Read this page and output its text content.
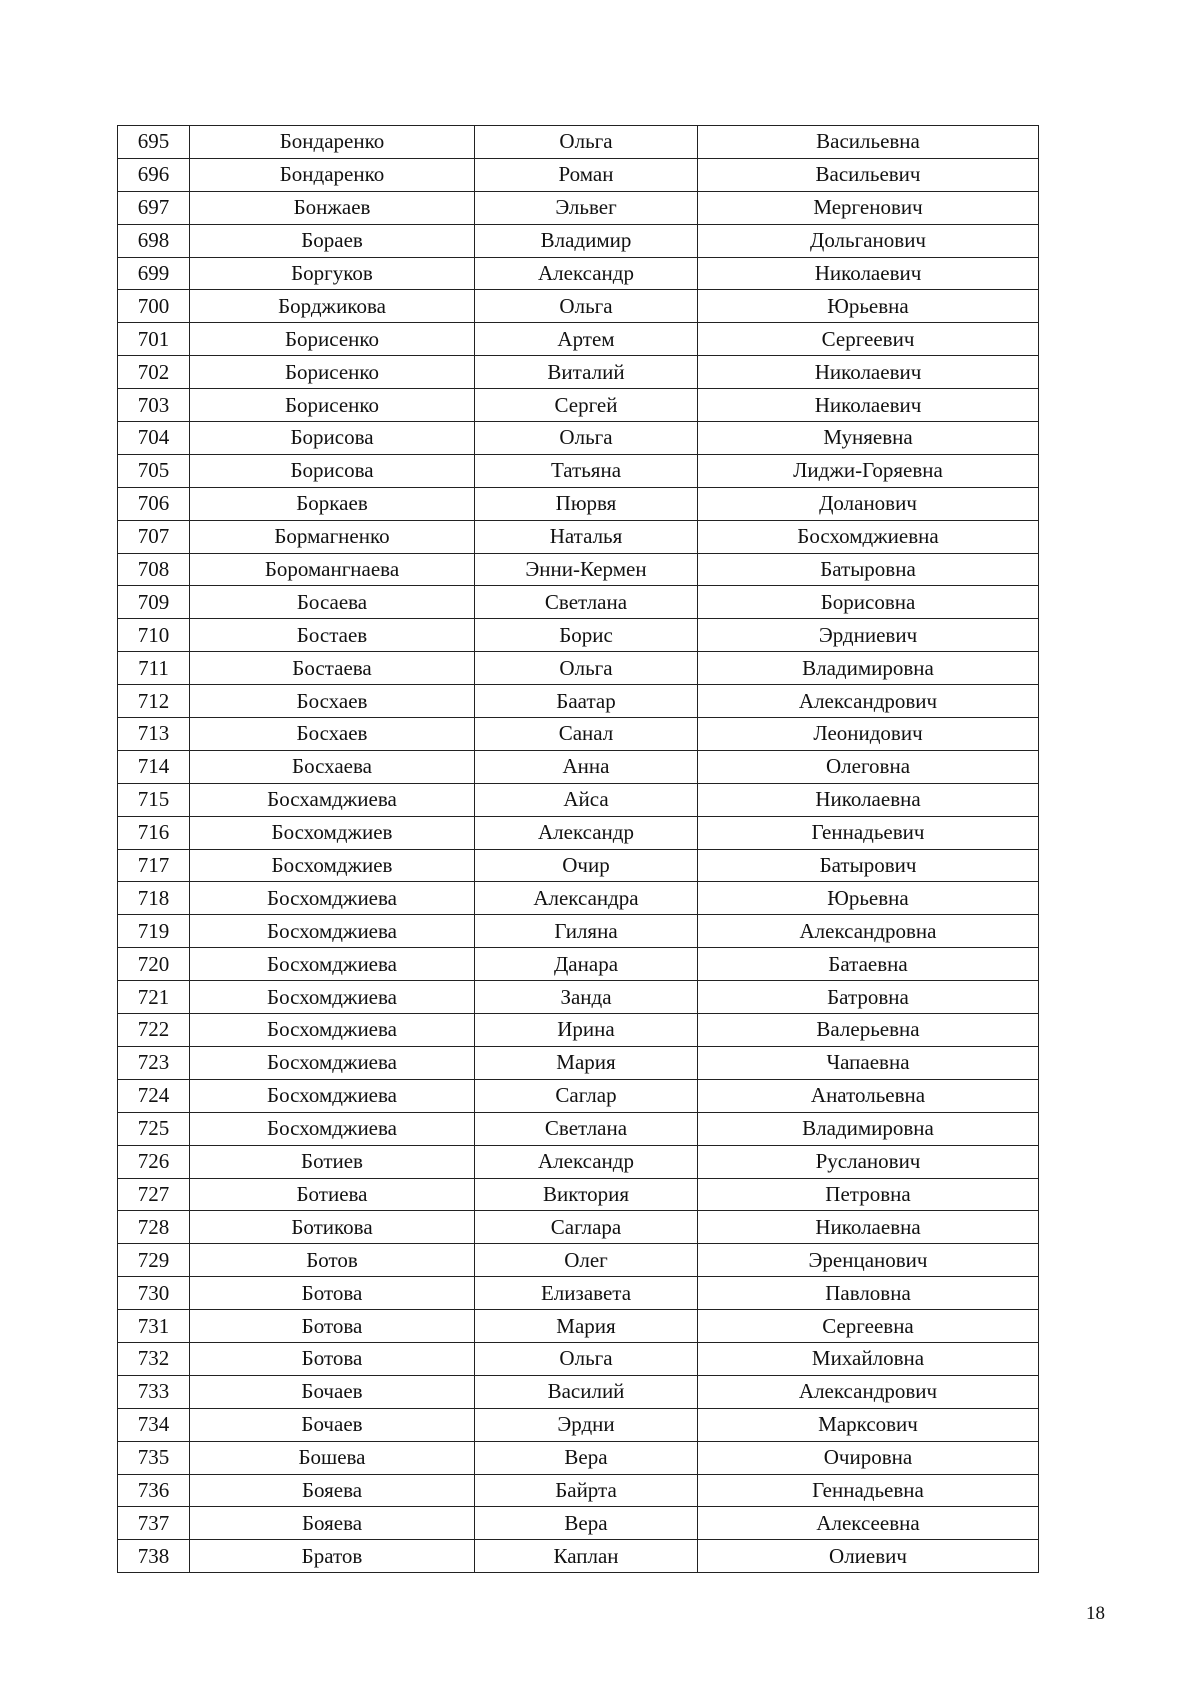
695	Бондаренко	Ольга	Васильевна
696	Бондаренко	Роман	Васильевич
697	Бонжаев	Эльвег	Мергенович
698	Бораев	Владимир	Дольганович
699	Боргуков	Александр	Николаевич
700	Борджикова	Ольга	Юрьевна
701	Борисенко	Артем	Сергеевич
702	Борисенко	Виталий	Николаевич
703	Борисенко	Сергей	Николаевич
704	Борисова	Ольга	Муняевна
705	Борисова	Татьяна	Лиджи-Горяевна
706	Боркаев	Пюрвя	Доланович
707	Бормагненко	Наталья	Босхомджиевна
708	Боромангнаева	Энни-Кермен	Батыровна
709	Босаева	Светлана	Борисовна
710	Бостаев	Борис	Эрдниевич
711	Бостаева	Ольга	Владимировна
712	Босхаев	Баатар	Александрович
713	Босхаев	Санал	Леонидович
714	Босхаева	Анна	Олеговна
715	Босхамджиева	Айса	Николаевна
716	Босхомджиев	Александр	Геннадьевич
717	Босхомджиев	Очир	Батырович
718	Босхомджиева	Александра	Юрьевна
719	Босхомджиева	Гиляна	Александровна
720	Босхомджиева	Данара	Батаевна
721	Босхомджиева	Занда	Батровна
722	Босхомджиева	Ирина	Валерьевна
723	Босхомджиева	Мария	Чапаевна
724	Босхомджиева	Саглар	Анатольевна
725	Босхомджиева	Светлана	Владимировна
726	Ботиев	Александр	Русланович
727	Ботиева	Виктория	Петровна
728	Ботикова	Саглара	Николаевна
729	Ботов	Олег	Эренцанович
730	Ботова	Елизавета	Павловна
731	Ботова	Мария	Сергеевна
732	Ботова	Ольга	Михайловна
733	Бочаев	Василий	Александрович
734	Бочаев	Эрдни	Марксович
735	Бошева	Вера	Очировна
736	Бояева	Байрта	Геннадьевна
737	Бояева	Вера	Алексеевна
738	Братов	Каплан	Олиевич
18
